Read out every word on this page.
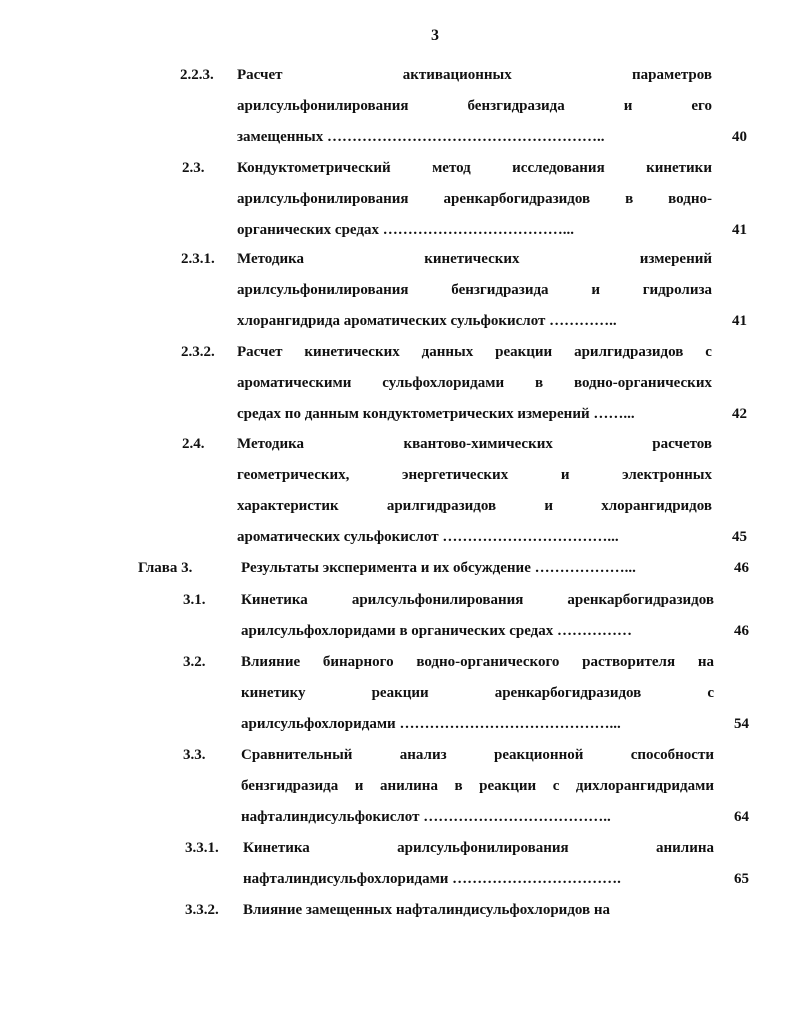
3
2.2.3. Расчет	активационных	параметров
арилсульфонилирования	бензгидразида	и	его
замещенных ………………………………………………..	40
2.3. Кондуктометрический	метод	исследования	кинетики
арилсульфонилирования аренкарбогидразидов в водно-
органических средах ………………………………...	41
2.3.1. Методика	кинетических	измерений
арилсульфонилирования	бензгидразида	и	гидролиза
хлорангидрида ароматических сульфокислот …………..	41
2.3.2. Расчет кинетических данных реакции арилгидразидов с
ароматическими сульфохлоридами в водно-органических
средах по данным кондуктометрических измерений ……...	42
2.4. Методика	квантово-химических	расчетов
геометрических,	энергетических	и	электронных
характеристик	арилгидразидов	и	хлорангидридов
ароматических сульфокислот ……………………………...	45
Глава 3.	Результаты эксперимента и их обсуждение ………………...	46
3.1. Кинетика	арилсульфонилирования	аренкарбогидразидов
арилсульфохлоридами в органических средах ……………	46
3.2. Влияние бинарного водно-органического растворителя на
кинетику	реакции	аренкарбогидразидов	с
арилсульфохлоридами ……………………………………...	54
3.3. Сравнительный	анализ	реакционной	способности
бензгидразида и анилина в реакции с дихлорангидридами
нафталиндисульфокислот ………………………………..	64
3.3.1. Кинетика	арилсульфонилирования	анилина
нафталиндисульфохлоридами …………………………….	65
3.3.2. Влияние замещенных нафталиндисульфохлоридов на
